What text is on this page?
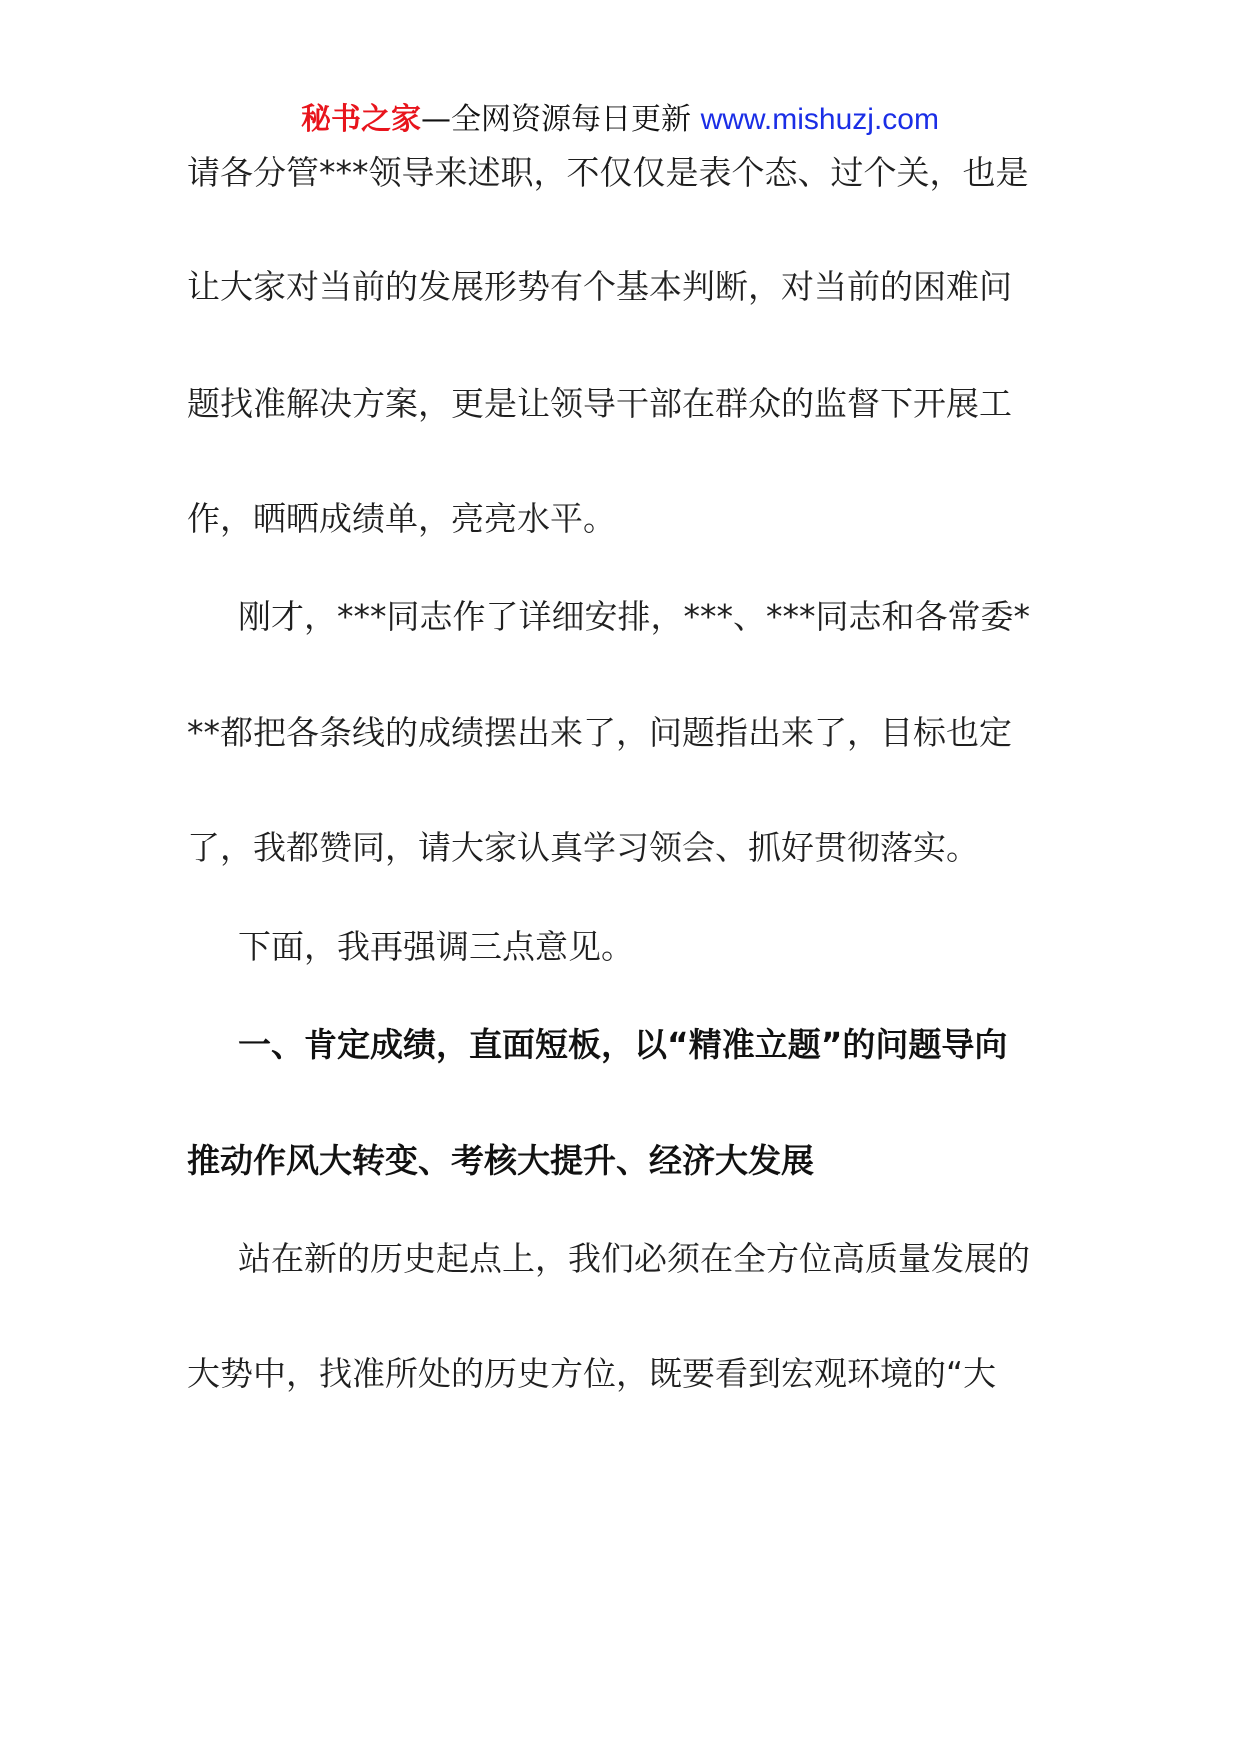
秘书之家—全网资源每日更新 www.mishuzj.com
请各分管***领导来述职，不仅仅是表个态、过个关，也是
让大家对当前的发展形势有个基本判断，对当前的困难问
题找准解决方案，更是让领导干部在群众的监督下开展工
作，晒晒成绩单，亮亮水平。
刚才，***同志作了详细安排，***、***同志和各常委*
**都把各条线的成绩摆出来了，问题指出来了，目标也定
了，我都赞同，请大家认真学习领会、抓好贯彻落实。
下面，我再强调三点意见。
一、肯定成绩，直面短板，以“精准立题”的问题导向
推动作风大转变、考核大提升、经济大发展
站在新的历史起点上，我们必须在全方位高质量发展的
大势中，找准所处的历史方位，既要看到宏观环境的“大
